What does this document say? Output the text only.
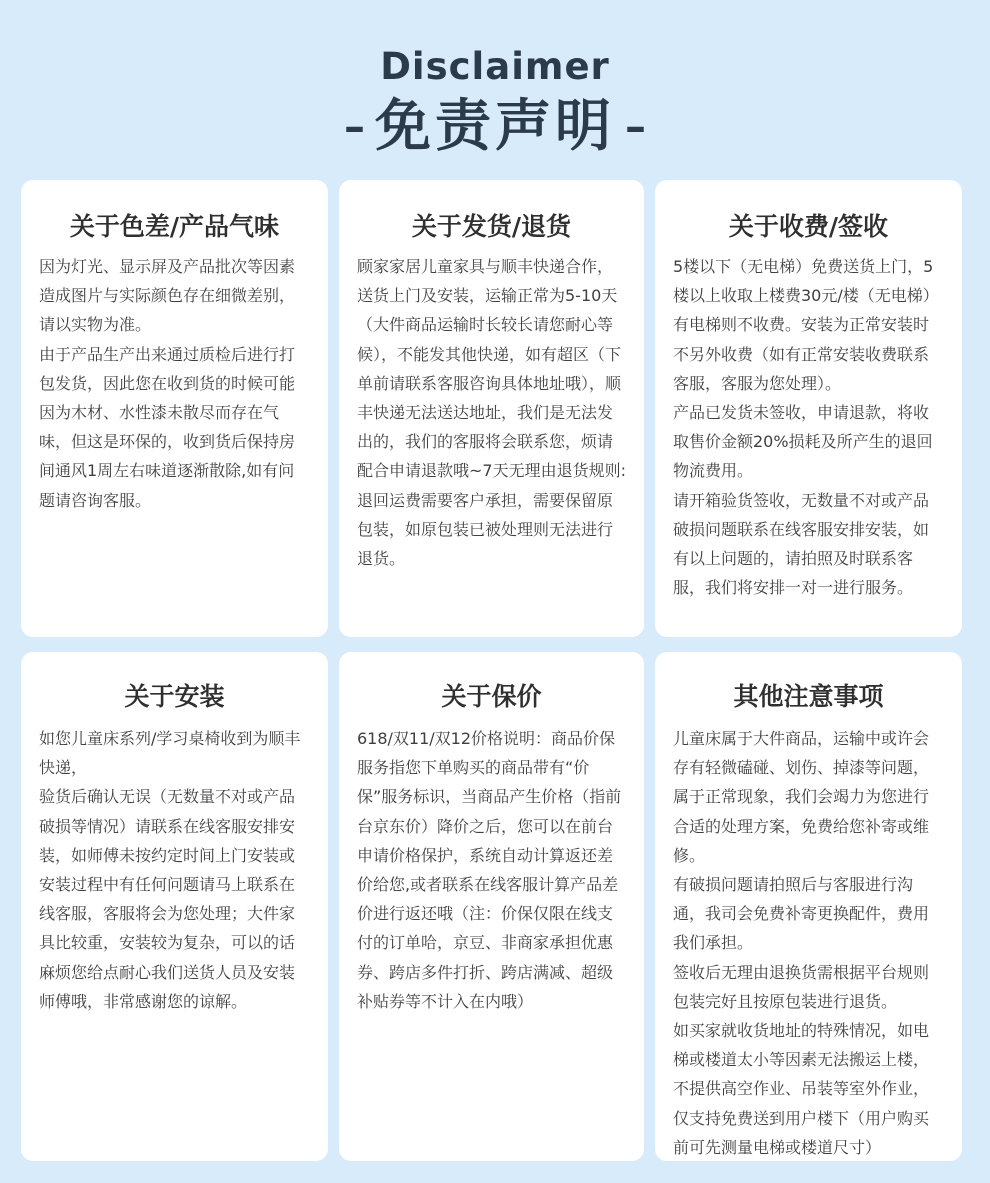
Disclaimer
– 免责声明 –
关于色差/产品气味

因为灯光、显示屏及产品批次等因素造成图片与实际颜色存在细微差别，请以实物为准。

由于产品生产出来通过质检后进行打包发货，因此您在收到货的时候可能因为木材、水性漆未散尽而存在气味，但这是环保的，收到货后保持房间通风1周左右味道逐渐散除,如有问题请咨询客服。

关于发货/退货

顾家家居儿童家具与顺丰快递合作，送货上门及安装，运输正常为5-10天（大件商品运输时长较长请您耐心等候），不能发其他快递，如有超区（下单前请联系客服咨询具体地址哦），顺丰快递无法送达地址，我们是无法发出的，我们的客服将会联系您，烦请配合申请退款哦~7天无理由退货规则:退回运费需要客户承担，需要保留原包装，如原包装已被处理则无法进行退货。

关于收费/签收

5楼以下（无电梯）免费送货上门，5楼以上收取上楼费30元/楼（无电梯）有电梯则不收费。安装为正常安装时不另外收费（如有正常安装收费联系客服，客服为您处理）。

产品已发货未签收，申请退款，将收取售价金额20%损耗及所产生的退回物流费用。

请开箱验货签收，无数量不对或产品破损问题联系在线客服安排安装，如有以上问题的，请拍照及时联系客服，我们将安排一对一进行服务。

关于安装

如您儿童床系列/学习桌椅收到为顺丰快递，

验货后确认无误（无数量不对或产品破损等情况）请联系在线客服安排安装，如师傅未按约定时间上门安装或安装过程中有任何问题请马上联系在线客服，客服将会为您处理；大件家具比较重，安装较为复杂，可以的话麻烦您给点耐心我们送货人员及安装师傅哦，非常感谢您的谅解。

关于保价

618/双11/双12价格说明：商品价保服务指您下单购买的商品带有“价保”服务标识，当商品产生价格（指前台京东价）降价之后，您可以在前台申请价格保护，系统自动计算返还差价给您,或者联系在线客服计算产品差价进行返还哦（注：价保仅限在线支付的订单哈，京豆、非商家承担优惠券、跨店多件打折、跨店满减、超级补贴券等不计入在内哦）

其他注意事项

儿童床属于大件商品，运输中或许会存有轻微磕碰、划伤、掉漆等问题，属于正常现象，我们会竭力为您进行合适的处理方案，免费给您补寄或维修。

有破损问题请拍照后与客服进行沟通，我司会免费补寄更换配件，费用我们承担。

签收后无理由退换货需根据平台规则包装完好且按原包装进行退货。

如买家就收货地址的特殊情况，如电梯或楼道太小等因素无法搬运上楼，不提供高空作业、吊装等室外作业，仅支持免费送到用户楼下（用户购买前可先测量电梯或楼道尺寸）
